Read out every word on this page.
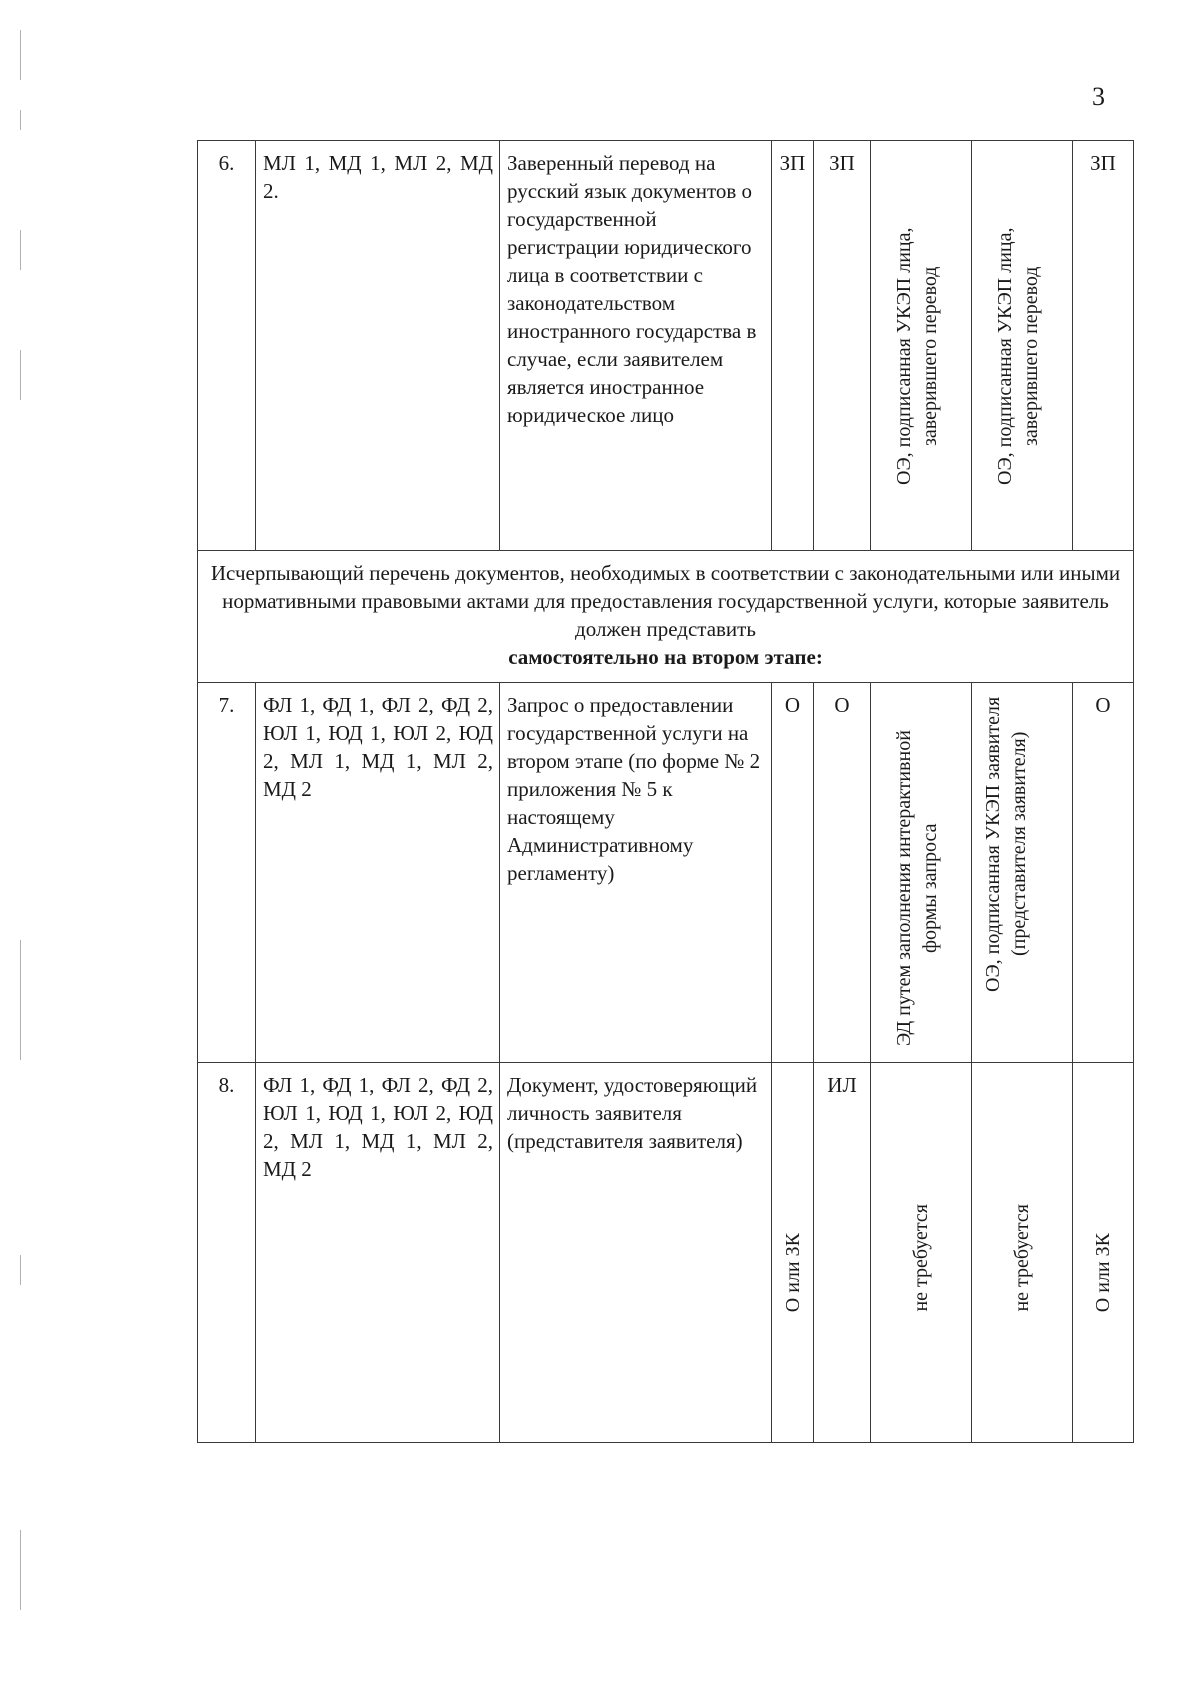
3
6.	МЛ 1, МД 1, МЛ 2, МД 2.	Заверенный перевод на русский язык документов о государственной регистрации юридического лица в соответствии с законодательством иностранного государства в случае, если заявителем является иностранное юридическое лицо	ЗП	ЗП	ОЭ, подписанная УКЭП лица, заверившего перевод	ОЭ, подписанная УКЭП лица, заверившего перевод	ЗП
Исчерпывающий перечень документов, необходимых в соответствии с законодательными или иными нормативными правовыми актами для предоставления государственной услуги, которые заявитель должен представить
самостоятельно на втором этапе:							
7.	ФЛ 1, ФД 1, ФЛ 2, ФД 2, ЮЛ 1, ЮД 1, ЮЛ 2, ЮД 2, МЛ 1, МД 1, МЛ 2, МД 2	Запрос о предоставлении государственной услуги на втором этапе (по форме № 2 приложения № 5 к настоящему Административному регламенту)	О	О	ЭД путем заполнения интерактивной формы запроса	ОЭ, подписанная УКЭП заявителя (представителя заявителя)	О
8.	ФЛ 1, ФД 1, ФЛ 2, ФД 2, ЮЛ 1, ЮД 1, ЮЛ 2, ЮД 2, МЛ 1, МД 1, МЛ 2, МД 2	Документ, удостоверяющий личность заявителя (представителя заявителя)	О или ЗК	ИЛ	не требуется	не требуется	О или ЗК
